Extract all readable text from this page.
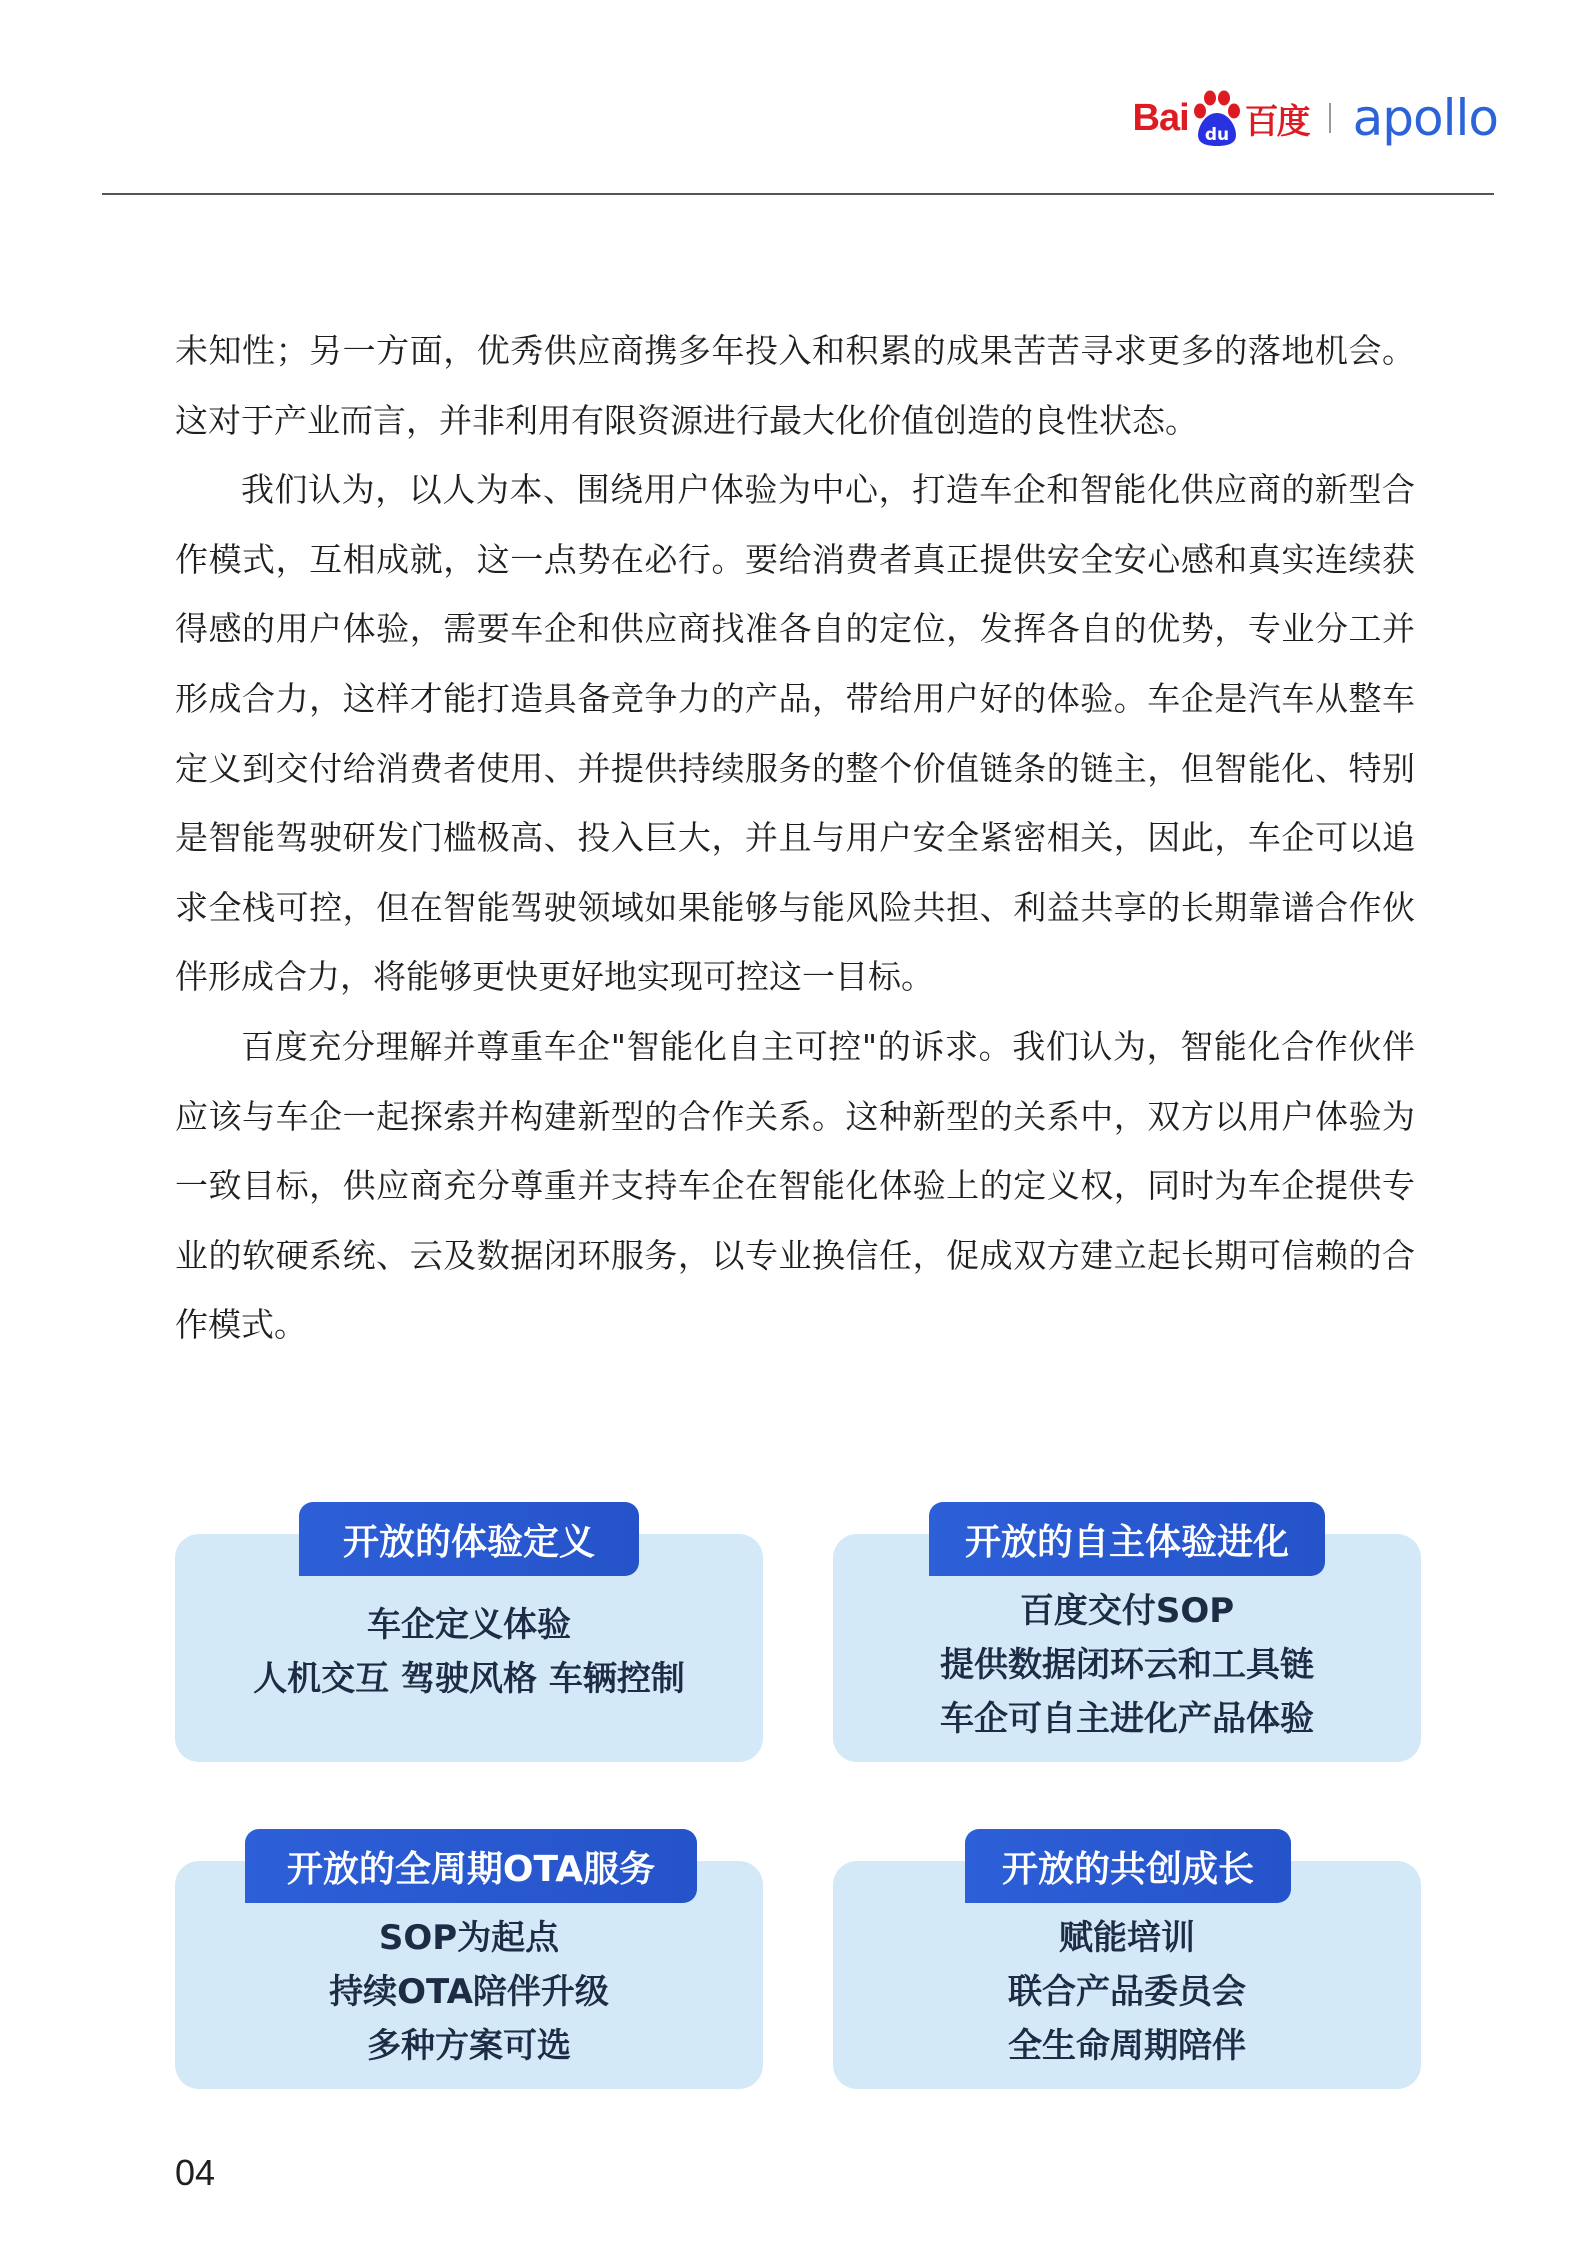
Bai du 百度 apollo

未知性；另一方面，优秀供应商携多年投入和积累的成果苦苦寻求更多的落地机会。这对于产业而言，并非利用有限资源进行最大化价值创造的良性状态。

我们认为，以人为本、围绕用户体验为中心，打造车企和智能化供应商的新型合作模式，互相成就，这一点势在必行。要给消费者真正提供安全安心感和真实连续获得感的用户体验，需要车企和供应商找准各自的定位，发挥各自的优势，专业分工并形成合力，这样才能打造具备竞争力的产品，带给用户好的体验。车企是汽车从整车定义到交付给消费者使用、并提供持续服务的整个价值链条的链主，但智能化、特别是智能驾驶研发门槛极高、投入巨大，并且与用户安全紧密相关，因此，车企可以追求全栈可控，但在智能驾驶领域如果能够与能风险共担、利益共享的长期靠谱合作伙伴形成合力，将能够更快更好地实现可控这一目标。

百度充分理解并尊重车企"智能化自主可控"的诉求。我们认为，智能化合作伙伴应该与车企一起探索并构建新型的合作关系。这种新型的关系中，双方以用户体验为一致目标，供应商充分尊重并支持车企在智能化体验上的定义权，同时为车企提供专业的软硬系统、云及数据闭环服务，以专业换信任，促成双方建立起长期可信赖的合作模式。

开放的体验定义
车企定义体验
人机交互 驾驶风格 车辆控制
开放的自主体验进化
百度交付SOP
提供数据闭环云和工具链
车企可自主进化产品体验
开放的全周期OTA服务
SOP为起点
持续OTA陪伴升级
多种方案可选
开放的共创成长
赋能培训
联合产品委员会
全生命周期陪伴
04
